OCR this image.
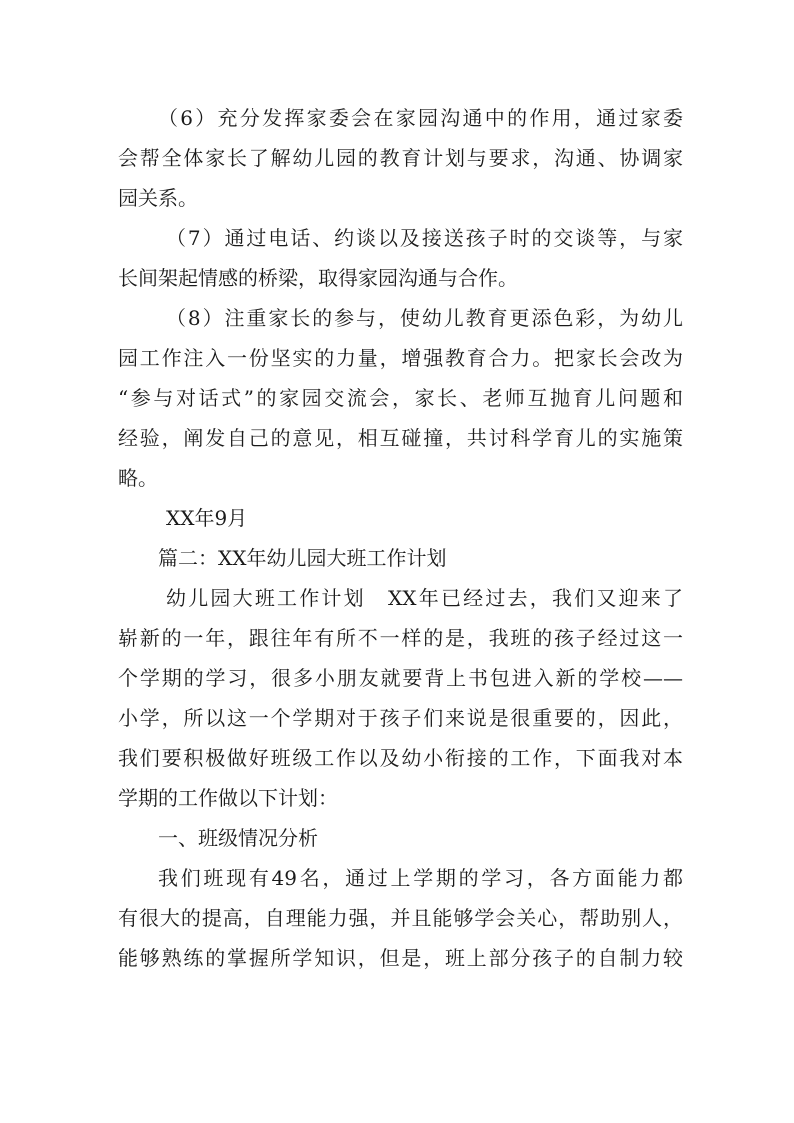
（6）充分发挥家委会在家园沟通中的作用，通过家委
会帮全体家长了解幼儿园的教育计划与要求，沟通、协调家
园关系。
（7）通过电话、约谈以及接送孩子时的交谈等，与家
长间架起情感的桥梁，取得家园沟通与合作。
（8）注重家长的参与，使幼儿教育更添色彩，为幼儿
园工作注入一份坚实的力量，增强教育合力。把家长会改为
“参与对话式”的家园交流会，家长、老师互抛育儿问题和
经验，阐发自己的意见，相互碰撞，共讨科学育儿的实施策
略。
XX年9月
篇二：XX年幼儿园大班工作计划
幼儿园大班工作计划　XX年已经过去，我们又迎来了
崭新的一年，跟往年有所不一样的是，我班的孩子经过这一
个学期的学习，很多小朋友就要背上书包进入新的学校——
小学，所以这一个学期对于孩子们来说是很重要的，因此，
我们要积极做好班级工作以及幼小衔接的工作，下面我对本
学期的工作做以下计划：
一、班级情况分析
我们班现有49名，通过上学期的学习，各方面能力都
有很大的提高，自理能力强，并且能够学会关心，帮助别人，
能够熟练的掌握所学知识，但是，班上部分孩子的自制力较
